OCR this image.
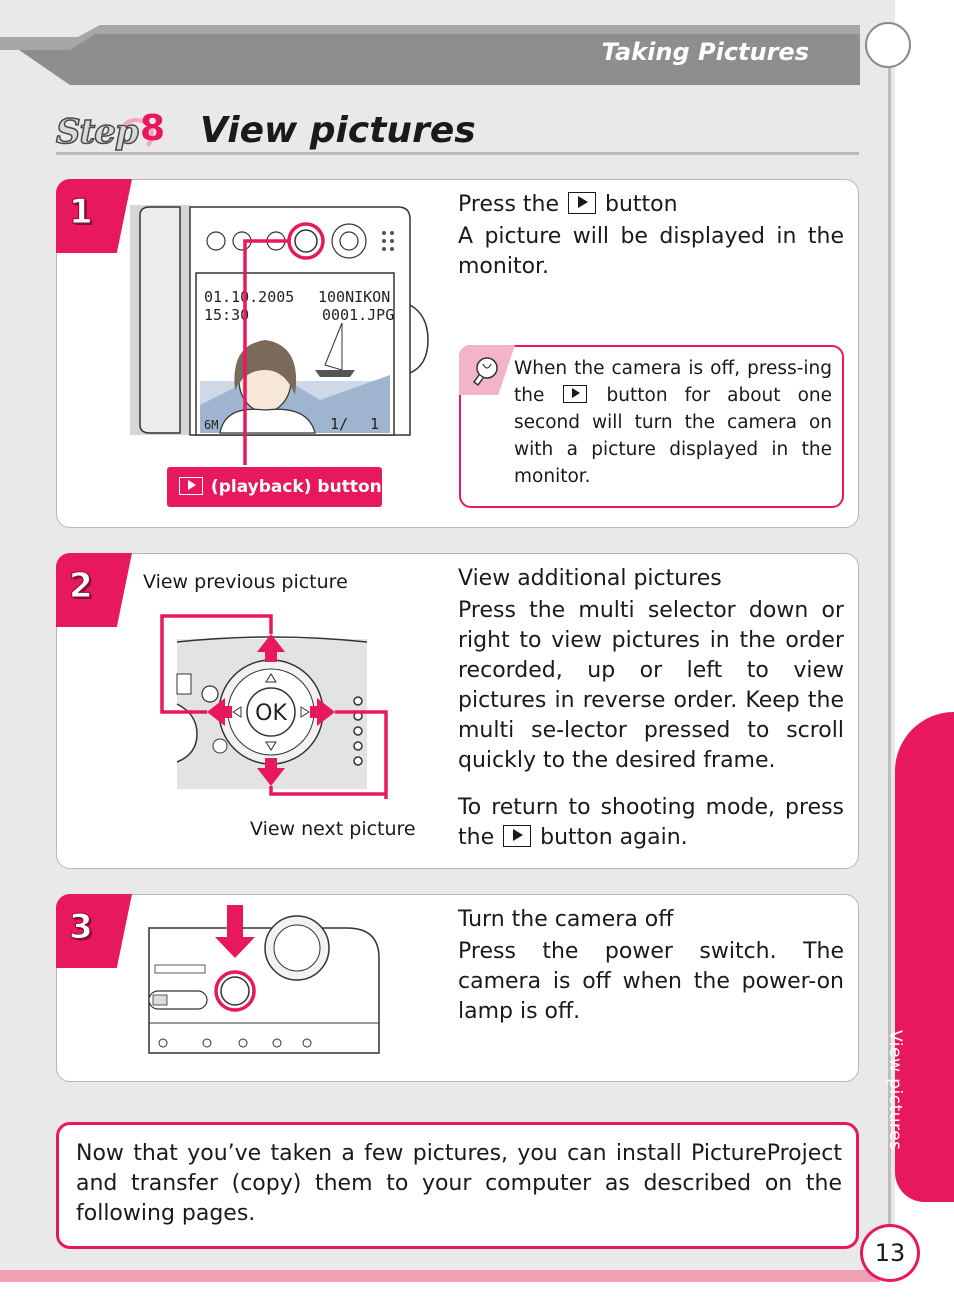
Taking Pictures
Step 8 View pictures
1
01.10.2005
15:30
100NIKON
0001.JPG
6M	1/ 1
(playback) button
Press the button
A picture will be displayed in the monitor.
When the camera is off, press-ing the	button for about one second will turn the camera on with a picture displayed in the monitor.
2	View previous picture
OK
View next picture
View additional pictures
Press the multi selector down or right to view pictures in the order recorded, up or left to view pictures in reverse order. Keep the multi se-lector pressed to scroll quickly to the desired frame.
To return to shooting mode, press the button again.
3	Turn the camera off
Press the power switch. The camera is off when the power-on lamp is off.
Now that you’ve taken a few pictures, you can install PictureProject and transfer (copy) them to your computer as described on the following pages.
View pictures
13
